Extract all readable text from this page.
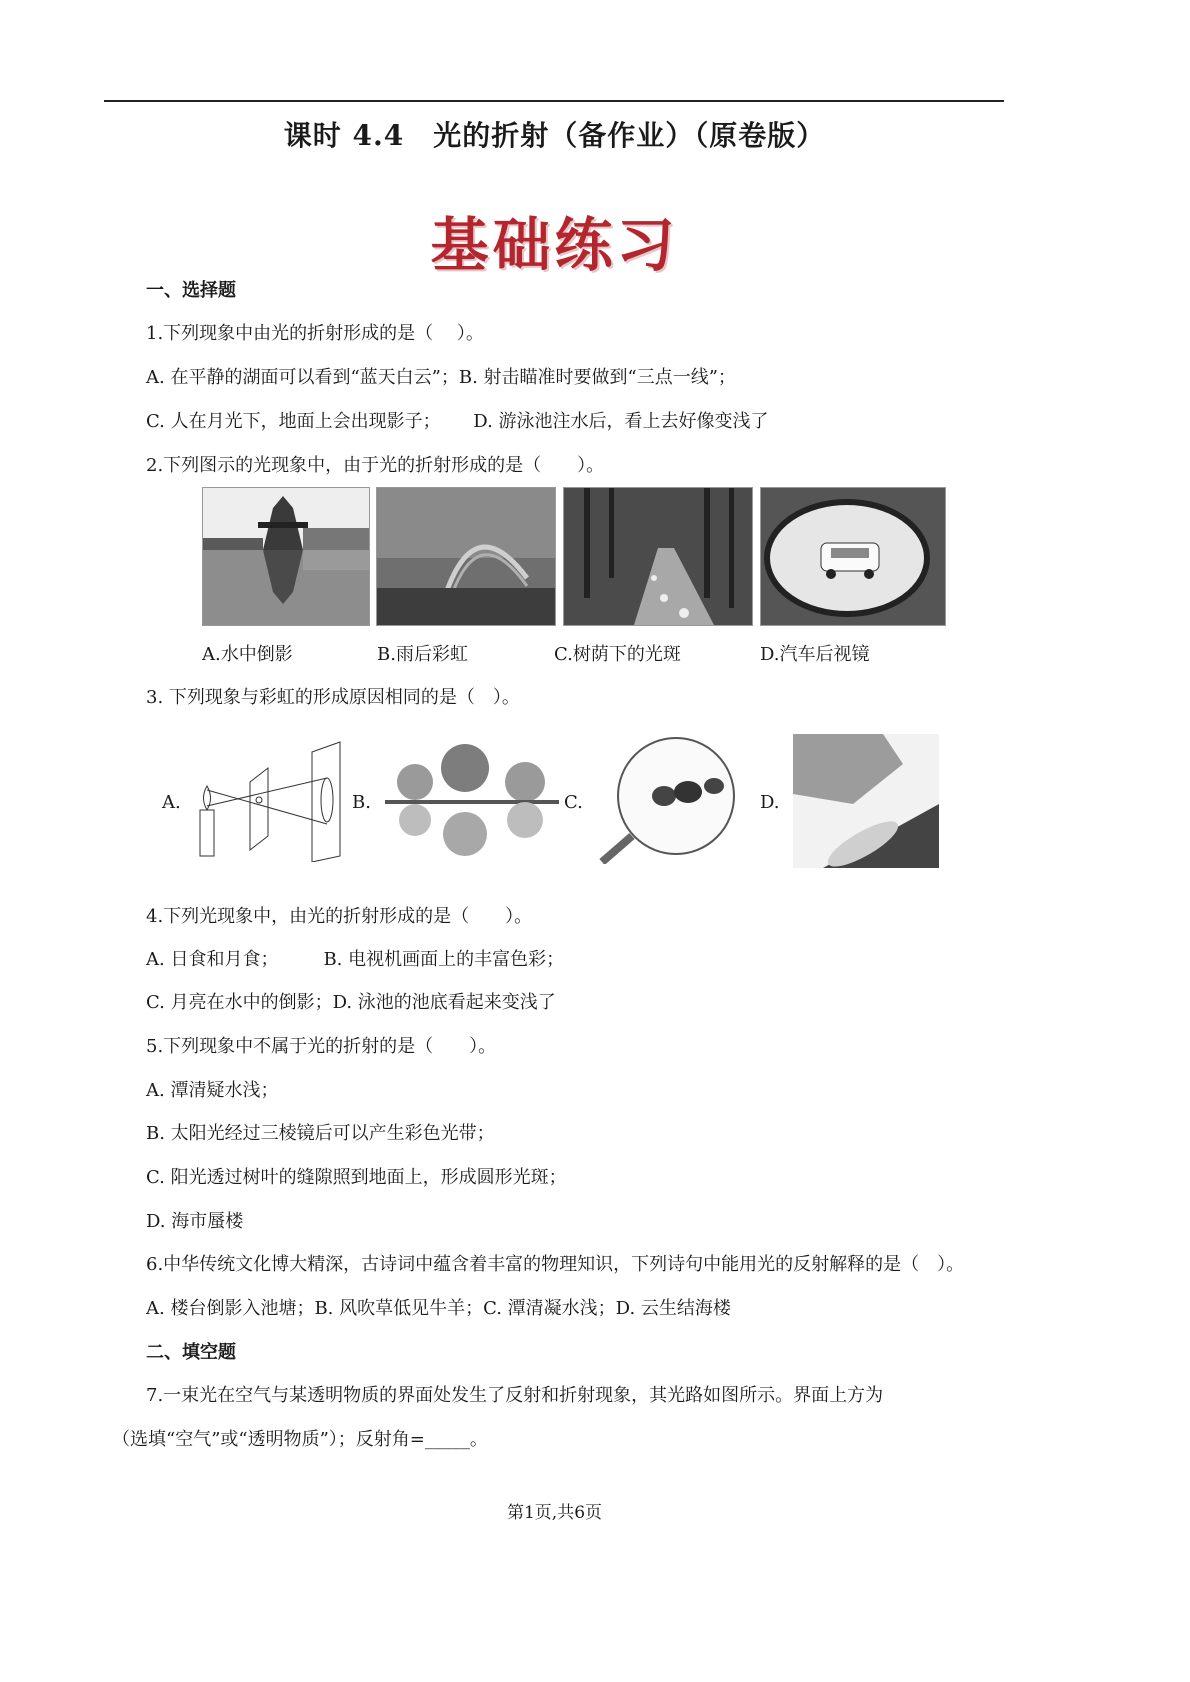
课时 4.4　光的折射（备作业）（原卷版）
基础练习
一、选择题
1.下列现象中由光的折射形成的是（　 ）。
A. 在平静的湖面可以看到“蓝天白云”；B. 射击瞄准时要做到“三点一线”；
C. 人在月光下，地面上会出现影子；　　 D. 游泳池注水后，看上去好像变浅了
2.下列图示的光现象中，由于光的折射形成的是（　　）。
A.水中倒影	B.雨后彩虹	C.树荫下的光斑	D.汽车后视镜
3. 下列现象与彩虹的形成原因相同的是（　）。
A.	B.	C.	D.
4.下列光现象中，由光的折射形成的是（　　）。
A. 日食和月食；　　　B. 电视机画面上的丰富色彩；
C. 月亮在水中的倒影；D. 泳池的池底看起来变浅了
5.下列现象中不属于光的折射的是（　　）。
A. 潭清疑水浅；
B. 太阳光经过三棱镜后可以产生彩色光带；
C. 阳光透过树叶的缝隙照到地面上，形成圆形光斑；
D. 海市蜃楼
6.中华传统文化博大精深，古诗词中蕴含着丰富的物理知识，下列诗句中能用光的反射解释的是（　）。
A. 楼台倒影入池塘；B. 风吹草低见牛羊；C. 潭清凝水浅；D. 云生结海楼
二、填空题
7.一束光在空气与某透明物质的界面处发生了反射和折射现象，其光路如图所示。界面上方为
（选填“空气”或“透明物质”）；反射角=_____。
第1页,共6页
